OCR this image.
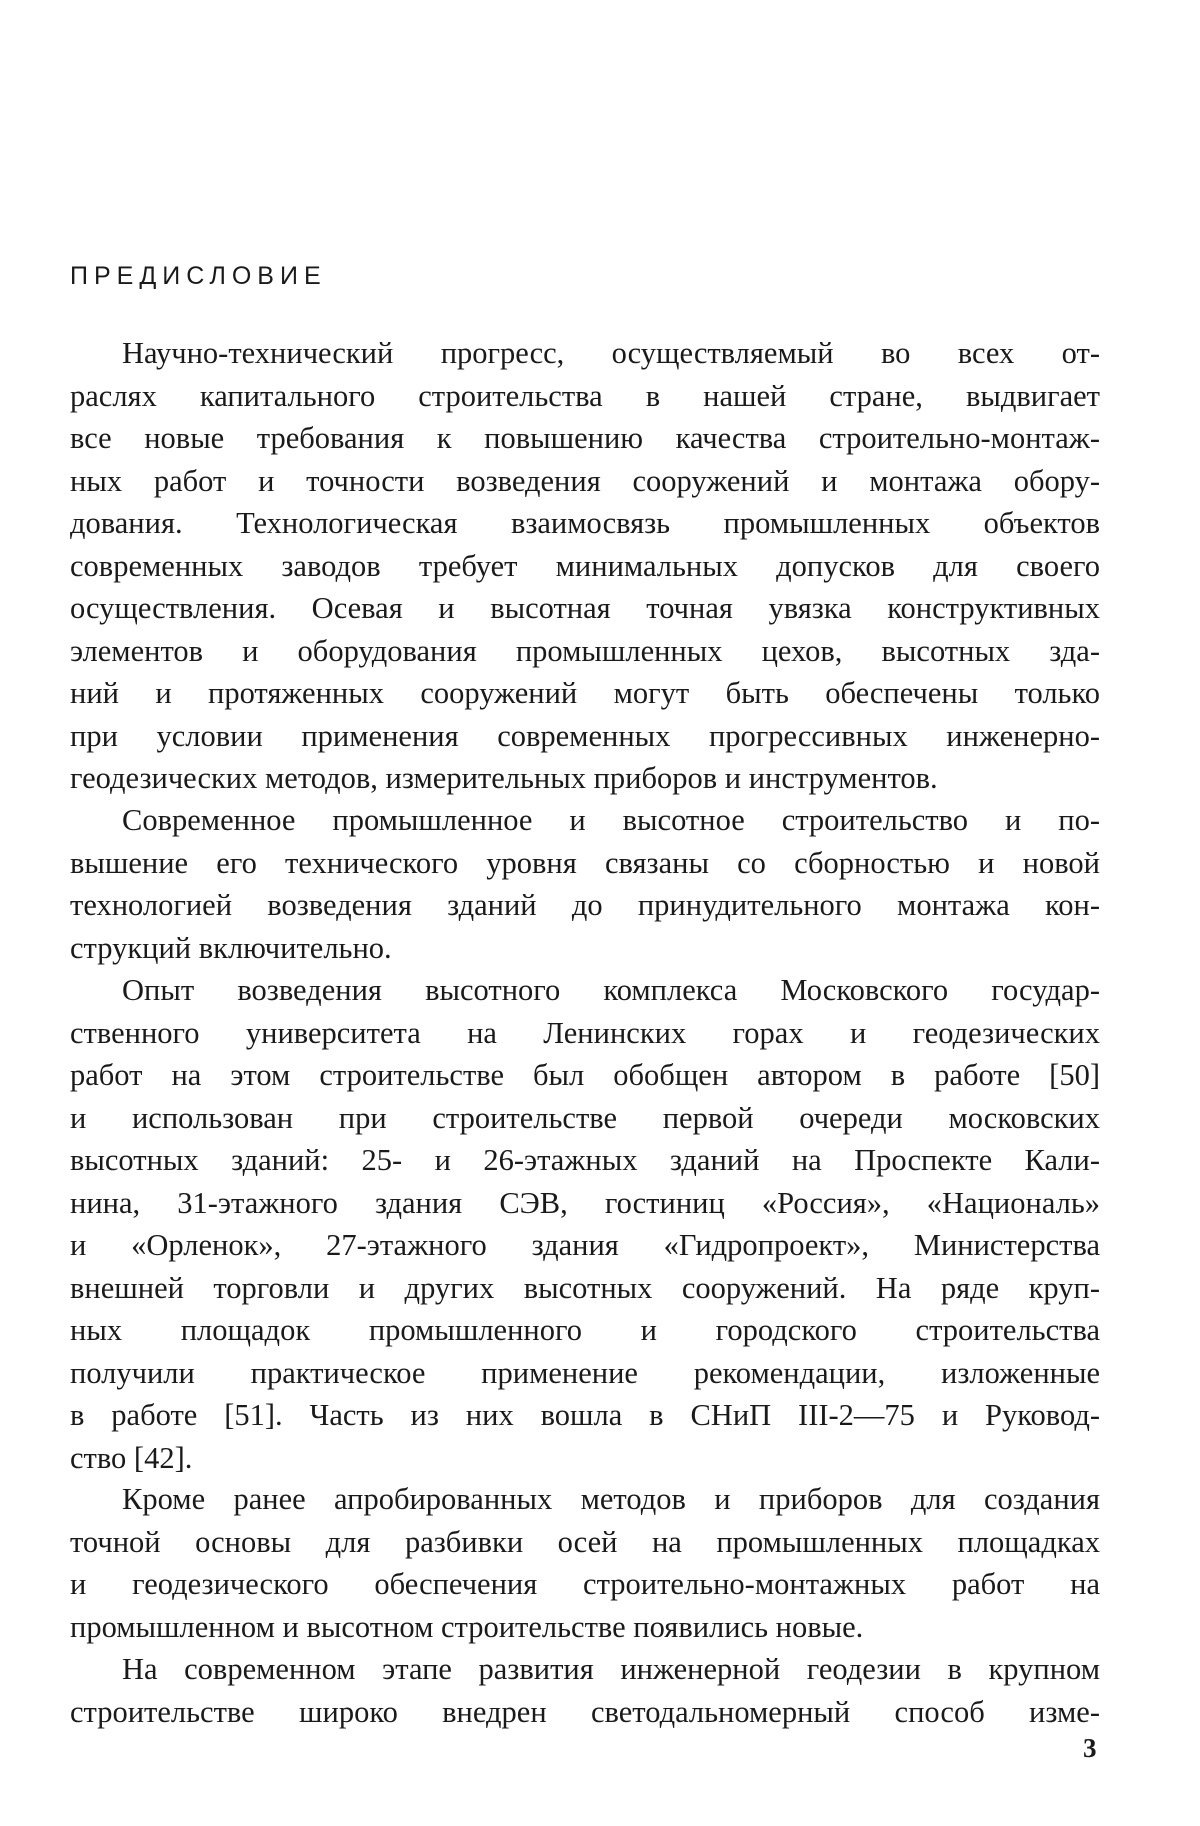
ПРЕДИСЛОВИЕ
Научно-технический прогресс, осуществляемый во всех от-
раслях капитального строительства в нашей стране, выдвигает
все новые требования к повышению качества строительно-монтаж-
ных работ и точности возведения сооружений и монтажа обору-
дования. Технологическая взаимосвязь промышленных объектов
современных заводов требует минимальных допусков для своего
осуществления. Осевая и высотная точная увязка конструктивных
элементов и оборудования промышленных цехов, высотных зда-
ний и протяженных сооружений могут быть обеспечены только
при условии применения современных прогрессивных инженерно-
геодезических методов, измерительных приборов и инструментов.
Современное промышленное и высотное строительство и по-
вышение его технического уровня связаны со сборностью и новой
технологией возведения зданий до принудительного монтажа кон-
струкций включительно.
Опыт возведения высотного комплекса Московского государ-
ственного университета на Ленинских горах и геодезических
работ на этом строительстве был обобщен автором в работе [50]
и использован при строительстве первой очереди московских
высотных зданий: 25- и 26-этажных зданий на Проспекте Кали-
нина, 31-этажного здания СЭВ, гостиниц «Россия», «Националь»
и «Орленок», 27-этажного здания «Гидропроект», Министерства
внешней торговли и других высотных сооружений. На ряде круп-
ных площадок промышленного и городского строительства
получили практическое применение рекомендации, изложенные
в работе [51]. Часть из них вошла в СНиП III-2—75 и Руковод-
ство [42].
Кроме ранее апробированных методов и приборов для создания
точной основы для разбивки осей на промышленных площадках
и геодезического обеспечения строительно-монтажных работ на
промышленном и высотном строительстве появились новые.
На современном этапе развития инженерной геодезии в крупном
строительстве широко внедрен светодальномерный способ изме-
3
